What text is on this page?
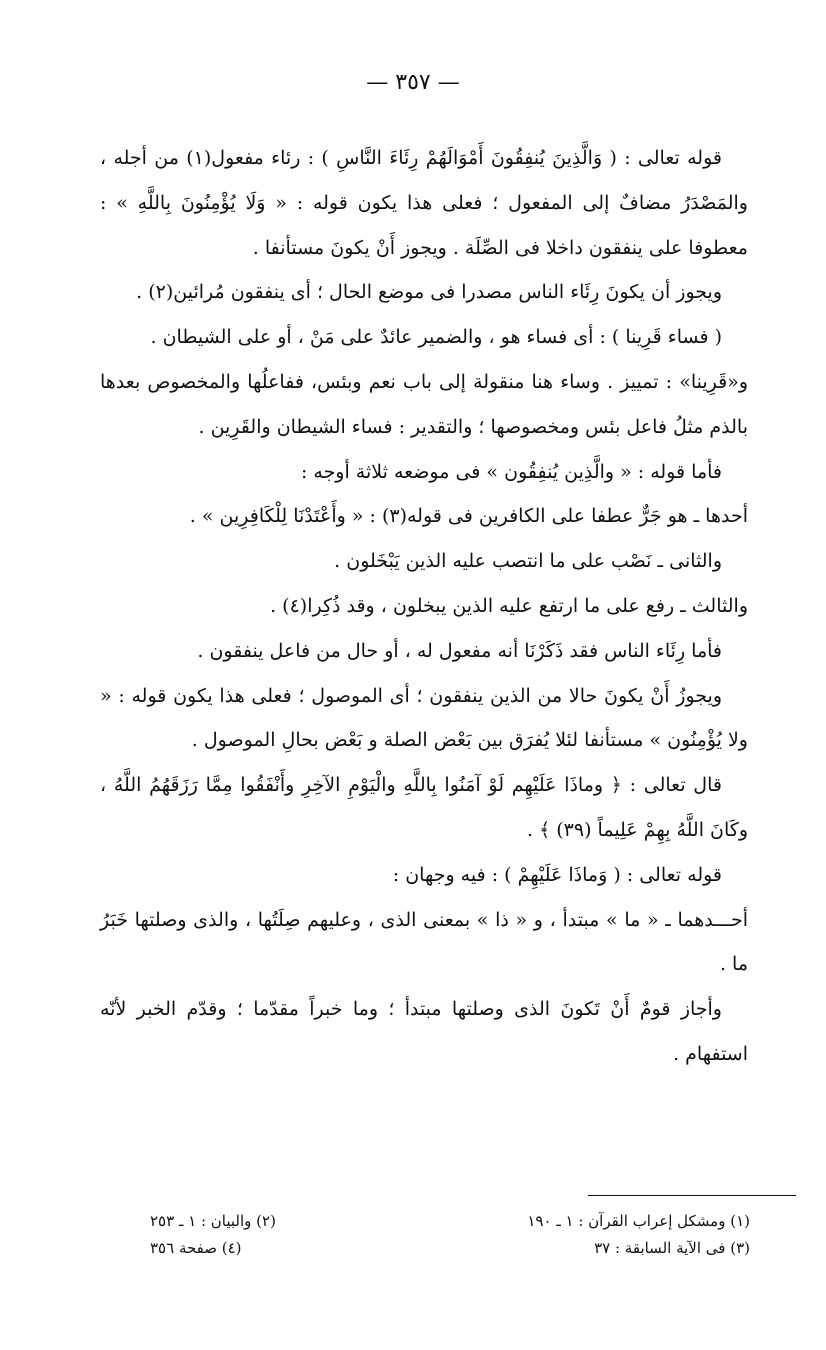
— ٣٥٧ —

قوله تعالى : ( وَالَّذِينَ يُنفِقُونَ أَمْوَالَهُمْ رِئَاءَ النَّاسِ ) : رئاء مفعول(١) من أجله ، والمَصْدَرُ مضافٌ إلى المفعول ؛ فعلى هذا يكون قوله : « وَلَا يُؤْمِنُونَ بِاللَّهِ » : معطوفا على ينفقون داخلا فى الصِّلَة . ويجوز أَنْ يكونَ مستأنفا .

ويجوز أن يكونَ رِئَاء الناس مصدرا فى موضع الحال ؛ أى ينفقون مُرائين(٢) .

( فساء قَرِينا ) : أى فساء هو ، والضمير عائدٌ على مَنْ ، أو على الشيطان .

و«قَرِينا» : تمييز . وساء هنا منقولة إلى باب نعم وبئس، ففاعلُها والمخصوص بعدها بالذم مثلُ فاعل بئس ومخصوصها ؛ والتقدير : فساء الشيطان والقَرِين .

فأما قوله : « والَّذِين يُنفِقُون » فى موضعه ثلاثة أوجه :

أحدها ـ هو جَرٌّ عطفا على الكافرين فى قوله(٣) : « وأَعْتَدْنَا لِلْكَافِرِين » .

والثانى ـ نَصْب على ما انتصب عليه الذين يَبْخَلون .

والثالث ـ رفع على ما ارتفع عليه الذين يبخلون ، وقد ذُكِرا(٤) .

فأما رِئَاء الناس فقد ذَكَرْنَا أنه مفعول له ، أو حال من فاعل ينفقون .

ويجوزُ أَنْ يكونَ حالا من الذين ينفقون ؛ أى الموصول ؛ فعلى هذا يكون قوله : « ولا يُؤْمِنُون » مستأنفا لئلا يُفرَق بين بَعْض الصلة و بَعْض بحالِ الموصول .

قال تعالى : ﴿ وماذَا عَلَيْهِم لَوْ آمَنُوا بِاللَّهِ والْيَوْمِ الآخِرِ وأَنْفَقُوا مِمَّا رَزَقَهُمُ اللَّهُ ، وكَانَ اللَّهُ بِهِمْ عَلِيماً (٣٩) ﴾ .

قوله تعالى : ( وَماذَا عَلَيْهِمْ ) : فيه وجهان :

أحـــدهما ـ « ما » مبتدأ ، و « ذا » بمعنى الذى ، وعليهم صِلَتُها ، والذى وصلتها خَبَرُ ما .

وأجاز قومٌ أَنْ تَكونَ الذى وصلتها مبتدأ ؛ وما خبراً مقدّما ؛ وقدّم الخبر لأنّه استفهام .

(١) ومشكل إعراب القرآن : ١ ـ ١٩٠
(٢) والبيان : ١ ـ ٢٥٣
(٣) فى الآية السابقة : ٣٧
(٤) صفحة ٣٥٦
